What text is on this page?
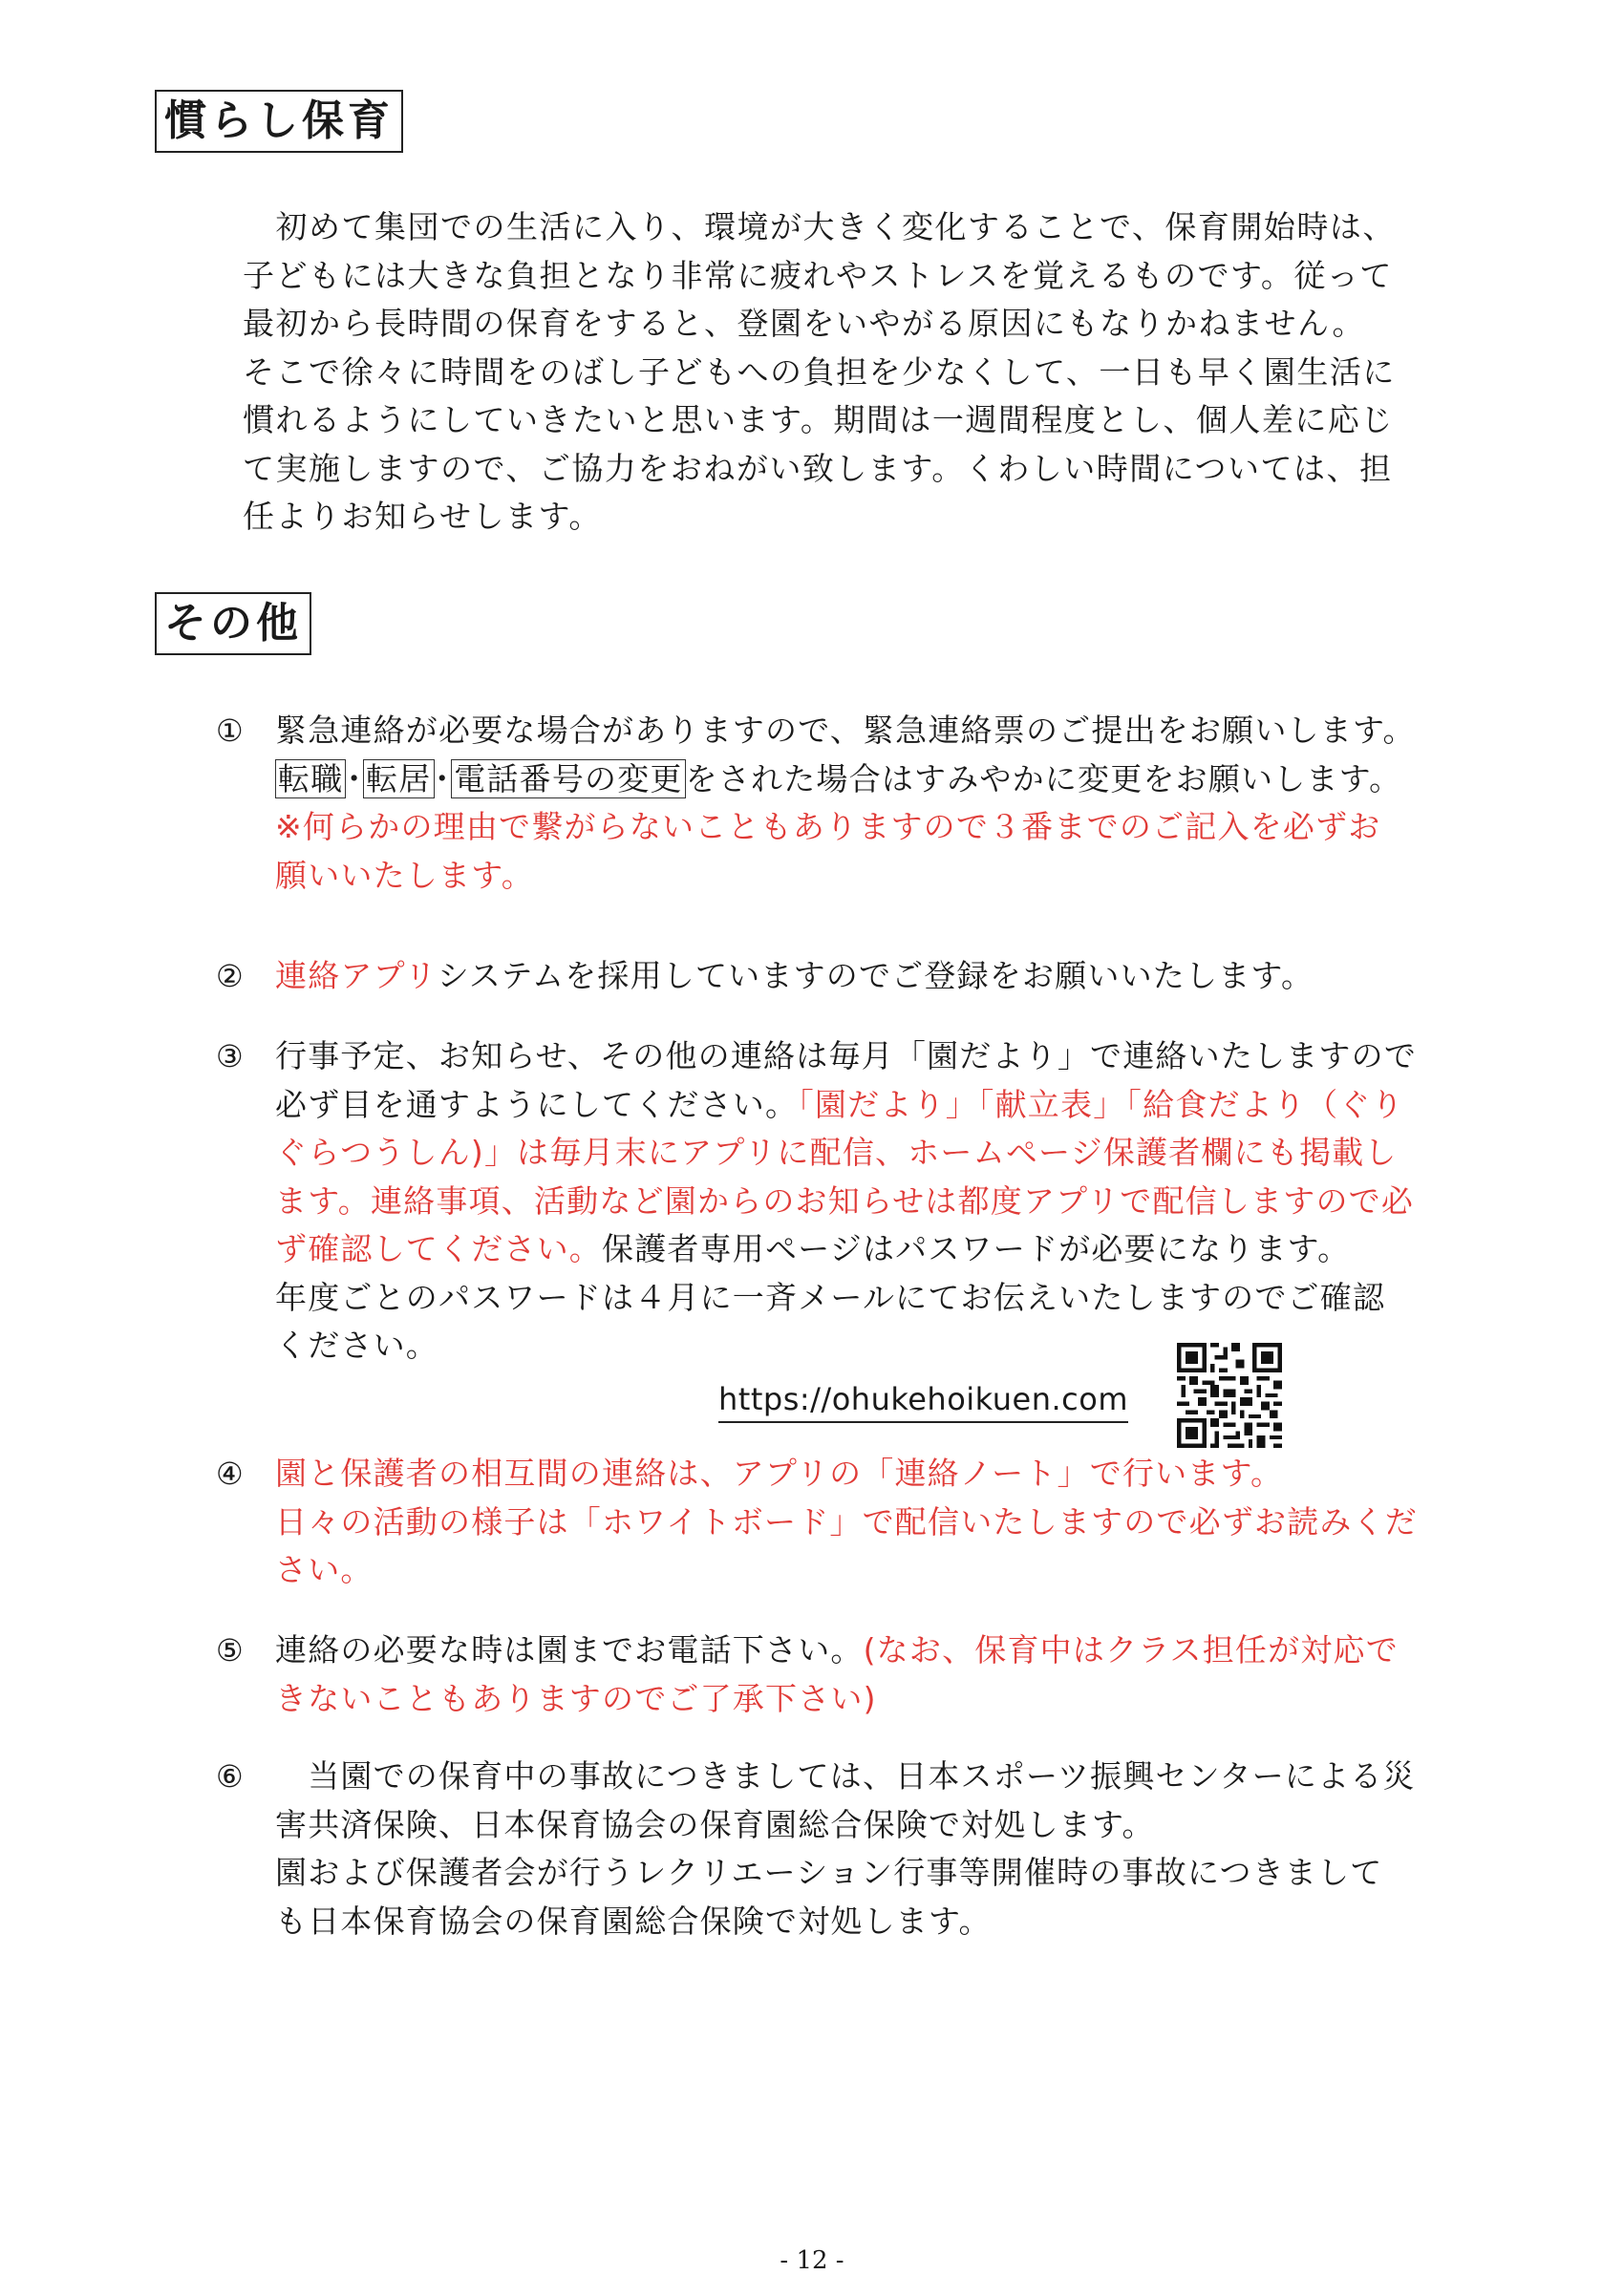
慣らし保育
　初めて集団での生活に入り、環境が大きく変化することで、保育開始時は、
子どもには大きな負担となり非常に疲れやストレスを覚えるものです。従って
最初から長時間の保育をすると、登園をいやがる原因にもなりかねません。
そこで徐々に時間をのばし子どもへの負担を少なくして、一日も早く園生活に
慣れるようにしていきたいと思います。期間は一週間程度とし、個人差に応じ
て実施しますので、ご協力をおねがい致します。くわしい時間については、担
任よりお知らせします。
その他
① 緊急連絡が必要な場合がありますので、緊急連絡票のご提出をお願いします。
転職･転居･電話番号の変更をされた場合はすみやかに変更をお願いします。
※何らかの理由で繋がらないこともありますので３番までのご記入を必ずお
願いいたします。
② 連絡アプリシステムを採用していますのでご登録をお願いいたします。
③ 行事予定、お知らせ、その他の連絡は毎月「園だより」で連絡いたしますので
必ず目を通すようにしてください。「園だより」「献立表」「給食だより（ぐり
ぐらつうしん)」は毎月末にアプリに配信、ホームページ保護者欄にも掲載し
ます。連絡事項、活動など園からのお知らせは都度アプリで配信しますので必
ず確認してください。保護者専用ページはパスワードが必要になります。
年度ごとのパスワードは４月に一斉メールにてお伝えいたしますのでご確認
ください。
https://ohukehoikuen.com
④ 園と保護者の相互間の連絡は、アプリの「連絡ノート」で行います。
日々の活動の様子は「ホワイトボード」で配信いたしますので必ずお読みくだ
さい。
⑤ 連絡の必要な時は園までお電話下さい。(なお、保育中はクラス担任が対応で
きないこともありますのでご了承下さい)
⑥ 　当園での保育中の事故につきましては、日本スポーツ振興センターによる災
害共済保険、日本保育協会の保育園総合保険で対処します。
園および保護者会が行うレクリエーション行事等開催時の事故につきまして
も日本保育協会の保育園総合保険で対処します。
- 12 -
